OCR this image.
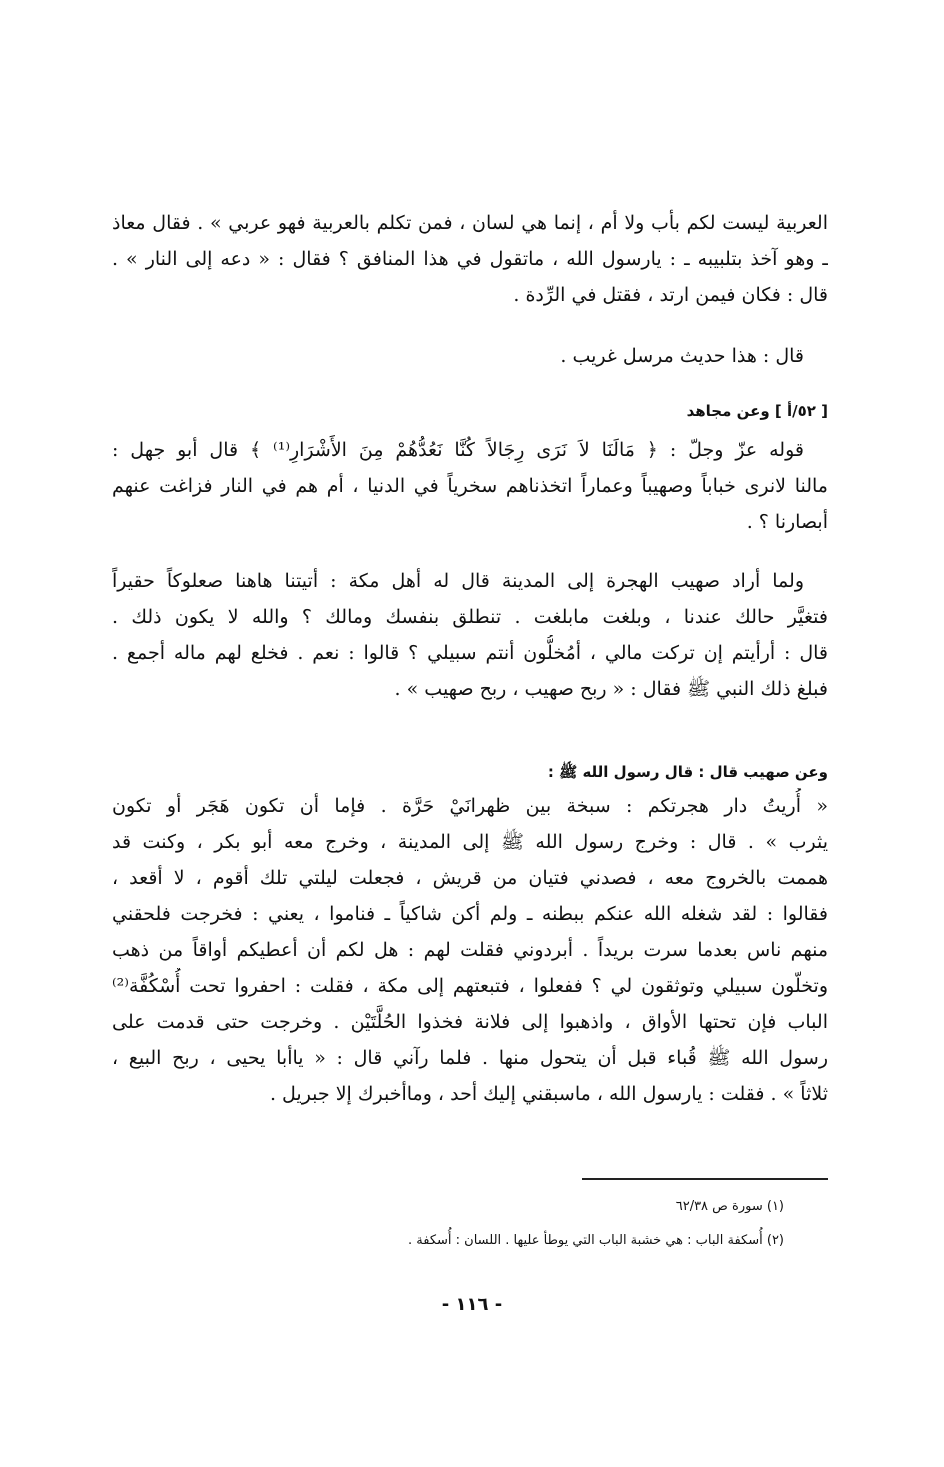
العربية ليست لكم بأب ولا أم ، إنما هي لسان ، فمن تكلم بالعربية فهو عربي » . فقال معاذ
ـ وهو آخذ بتلبيبه ـ : يارسول الله ، ماتقول في هذا المنافق ؟ فقال : « دعه إلى النار » .
قال : فكان فيمن ارتد ، فقتل في الرِّدة .
قال : هذا حديث مرسل غريب .
[ ٥٢/أ ] وعن مجاهد
قوله عزّ وجلّ : ﴿ مَالَنَا لاَ نَرَى رِجَالاً كُنَّا نَعُدُّهُمْ مِنَ الأَشْرَارِ⁽¹⁾ ﴾ قال أبو جهل :
مالنا لانرى خباباً وصهيباً وعماراً اتخذناهم سخرياً في الدنيا ، أم هم في النار فزاغت عنهم
أبصارنا ؟ .
ولما أراد صهيب الهجرة إلى المدينة قال له أهل مكة : أتيتنا هاهنا صعلوكاً حقيراً
فتغيَّر حالك عندنا ، وبلغت مابلغت . تنطلق بنفسك ومالك ؟ والله لا يكون ذلك .
قال : أرأيتم إن تركت مالي ، أمُخلُّون أنتم سبيلي ؟ قالوا : نعم . فخلع لهم ماله أجمع .
فبلغ ذلك النبي ﷺ فقال : « ربح صهيب ، ربح صهيب » .
وعن صهيب قال : قال رسول الله ﷺ :
« أُريتُ دار هجرتكم : سبخة بين ظهرانَيْ حَرَّة . فإما أن تكون هَجَر أو تكون
يثرب » . قال : وخرج رسول الله ﷺ إلى المدينة ، وخرج معه أبو بكر ، وكنت قد
هممت بالخروج معه ، فصدني فتيان من قريش ، فجعلت ليلتي تلك أقوم ، لا أقعد ،
فقالوا : لقد شغله الله عنكم ببطنه ـ ولم أكن شاكياً ـ فناموا ، يعني : فخرجت فلحقني
منهم ناس بعدما سرت بريداً . أبردوني فقلت لهم : هل لكم أن أعطيكم أواقاً من ذهب
وتخلّون سبيلي وتوثقون لي ؟ ففعلوا ، فتبعتهم إلى مكة ، فقلت : احفروا تحت أُسْكُفَّة⁽²⁾
الباب فإن تحتها الأواق ، واذهبوا إلى فلانة فخذوا الحُلَّتَيْن . وخرجت حتى قدمت على
رسول الله ﷺ قُباء قبل أن يتحول منها . فلما رآني قال : « ياأبا يحيى ، ربح البيع ،
ثلاثاً » . فقلت : يارسول الله ، ماسبقني إليك أحد ، وماأخبرك إلا جبريل .
(١) سورة ص ٦٢/٣٨
(٢) أُسكفة الباب : هي خشبة الباب التي يوطأ عليها . اللسان : أُسكفة .
- ١١٦ -
